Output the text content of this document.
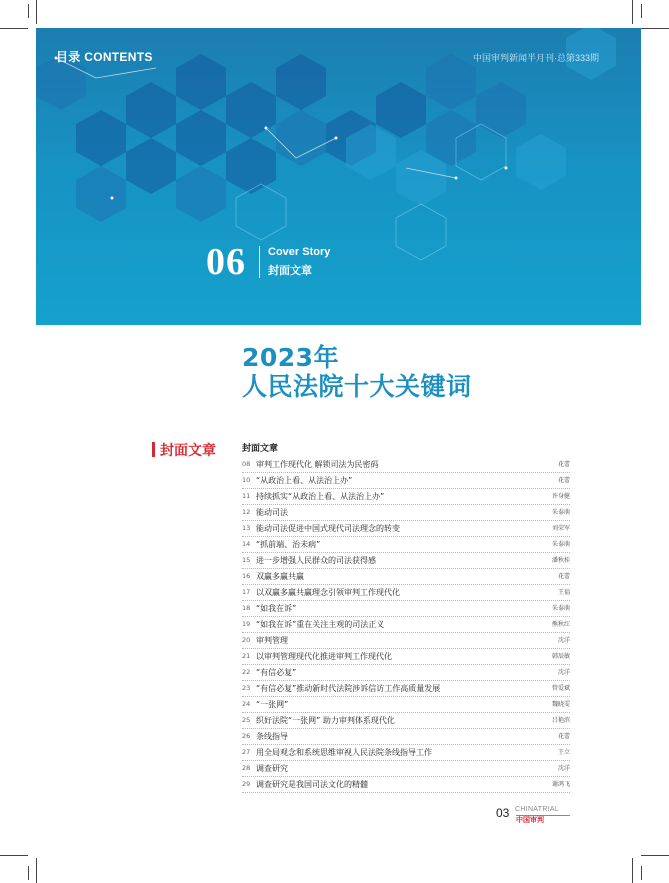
目录 CONTENTS	中国审判新闻半月刊·总第333期
06 Cover Story
封面文章
2023年
人民法院十大关键词
封面文章	封面文章
08 审判工作现代化 解锁司法为民密码	花蕾
10 “从政治上看、从法治上办”	花蕾
11 持续抓实“从政治上看、从法治上办”	许身健
12 能动司法	朱泰萌
13 能动司法促进中国式现代司法理念的转变	刘荣军
14 “抓前端、治未病”	朱泰萌
15 进一步增强人民群众的司法获得感	潘秋桂
16 双赢多赢共赢	花蕾
17 以双赢多赢共赢理念引领审判工作现代化	王福
18 “如我在诉”	朱泰萌
19 “如我在诉”重在关注主观的司法正义	熊秋红
20 审判管理	沈洋
21 以审判管理现代化推进审判工作现代化	韩辰敏
22 “有信必复”	沈洋
23 “有信必复”推动新时代法院涉诉信访工作高质量发展	管爱斌
24 “一张网”	魏晓雯
25 织好法院“一张网” 助力审判体系现代化	吕艳滨
26 条线指导	花蕾
27 用全局观念和系统思维审视人民法院条线指导工作	王立
28 调查研究	沈洋
29 调查研究是我国司法文化的精髓	谢鸿飞
03 CHINATRIAL
中国审判
